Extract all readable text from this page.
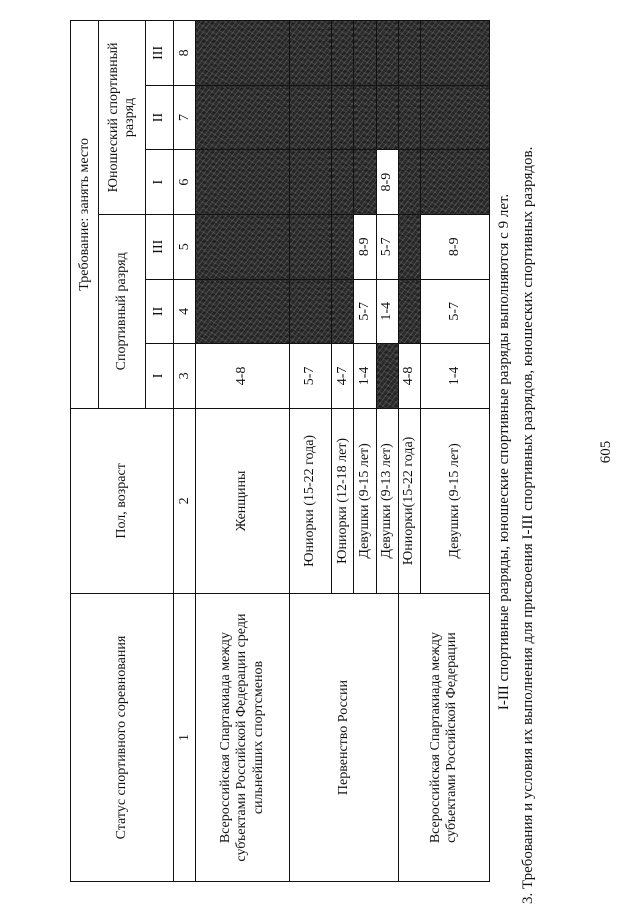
605
3. Требования и условия их выполнения для присвоения I-III спортивных разрядов, юношеских спортивных разрядов.
I-III спортивные разряды, юношеские спортивные разряды выполняются с 9 лет.
Статус спортивного соревнования	Пол, возраст	Требование: занять место					
		Спортивный разряд			Юношеский спортивный разряд		
		I	II	III	I	II	III
1	2	3	4	5	6	7	8
Всероссийская Спартакиада между субъектами Российской Федерации среди сильнейших спортсменов	Женщины	4-8					
Первенство России	Юниорки (15-22 года)	5-7					
	Юниорки (12-18 лет)	4-7					
	Девушки (9-15 лет)	1-4	5-7	8-9			
	Девушки (9-13 лет)		1-4	5-7	8-9		
Всероссийская Спартакиада между субъектами Российской Федерации	Юниорки(15-22 года)	4-8					
	Девушки (9-15 лет)	1-4	5-7	8-9			
